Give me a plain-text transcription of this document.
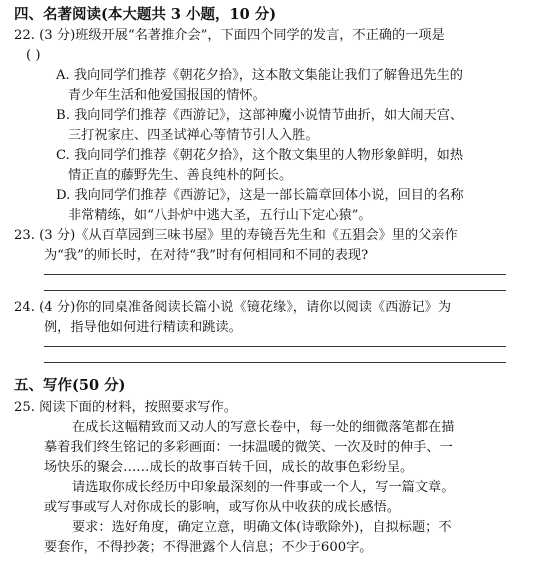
四、名著阅读(本大题共 3 小题，10 分)
22. (3 分)班级开展“名著推介会”，下面四个同学的发言，不正确的一项是
( )
A. 我向同学们推荐《朝花夕拾》，这本散文集能让我们了解鲁迅先生的
青少年生活和他爱国报国的情怀。
B. 我向同学们推荐《西游记》，这部神魔小说情节曲折，如大闹天宫、
三打祝家庄、四圣试禅心等情节引人入胜。
C. 我向同学们推荐《朝花夕拾》，这个散文集里的人物形象鲜明，如热
情正直的藤野先生、善良纯朴的阿长。
D. 我向同学们推荐《西游记》，这是一部长篇章回体小说，回目的名称
非常精练，如“八卦炉中逃大圣，五行山下定心猿”。
23. (3 分)《从百草园到三味书屋》里的寿镜吾先生和《五猖会》里的父亲作
为“我”的师长时，在对待“我”时有何相同和不同的表现?
24. (4 分)你的同桌准备阅读长篇小说《镜花缘》，请你以阅读《西游记》为
例，指导他如何进行精读和跳读。
五、写作(50 分)
25. 阅读下面的材料，按照要求写作。
在成长这幅精致而又动人的写意长卷中，每一处的细微落笔都在描
摹着我们终生铭记的多彩画面：一抹温暖的微笑、一次及时的伸手、一
场快乐的聚会……成长的故事百转千回，成长的故事色彩纷呈。
请选取你成长经历中印象最深刻的一件事或一个人，写一篇文章。
或写事或写人对你成长的影响，或写你从中收获的成长感悟。
要求：选好角度，确定立意，明确文体(诗歌除外)，自拟标题；不
要套作，不得抄袭；不得泄露个人信息；不少于600字。
